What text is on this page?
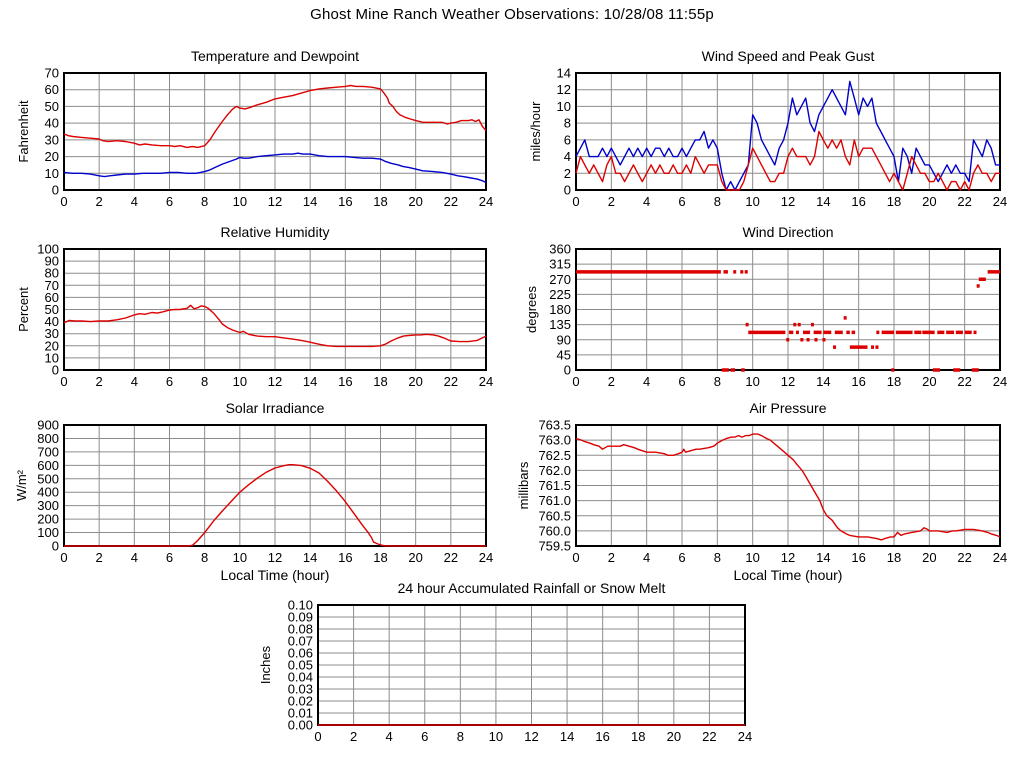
Ghost Mine Ranch Weather Observations: 10/28/08 11:55p
Temperature and Dewpoint
0 2 4 6 8 10 12 14 16 18 20 22 24
0
10
20
30
40
50
60
70
Fahrenheit
Wind Speed and Peak Gust
0 2 4 6 8 10 12 14 16 18 20 22 24
0
2
4
6
8
10
12
14
miles/hour
Relative Humidity
0 2 4 6 8 10 12 14 16 18 20 22 24
0
10
20
30
40
50
60
70
80
90
100
Percent
Wind Direction
0 2 4 6 8 10 12 14 16 18 20 22 24
0
45
90
135
180
225
270
315
360
degrees
Solar Irradiance
0 2 4 6 8 10 12 14 16 18 20 22 24
0
100
200
300
400
500
600
700
800
900
W/m²
Local Time (hour)
Air Pressure
0 2 4 6 8 10 12 14 16 18 20 22 24
759.5
760.0
760.5
761.0
761.5
762.0
762.5
763.0
763.5
millibars
Local Time (hour)
24 hour Accumulated Rainfall or Snow Melt
0 2 4 6 8 10 12 14 16 18 20 22 24
0.00
0.01
0.02
0.03
0.04
0.05
0.06
0.07
0.08
0.09
0.10
Inches
